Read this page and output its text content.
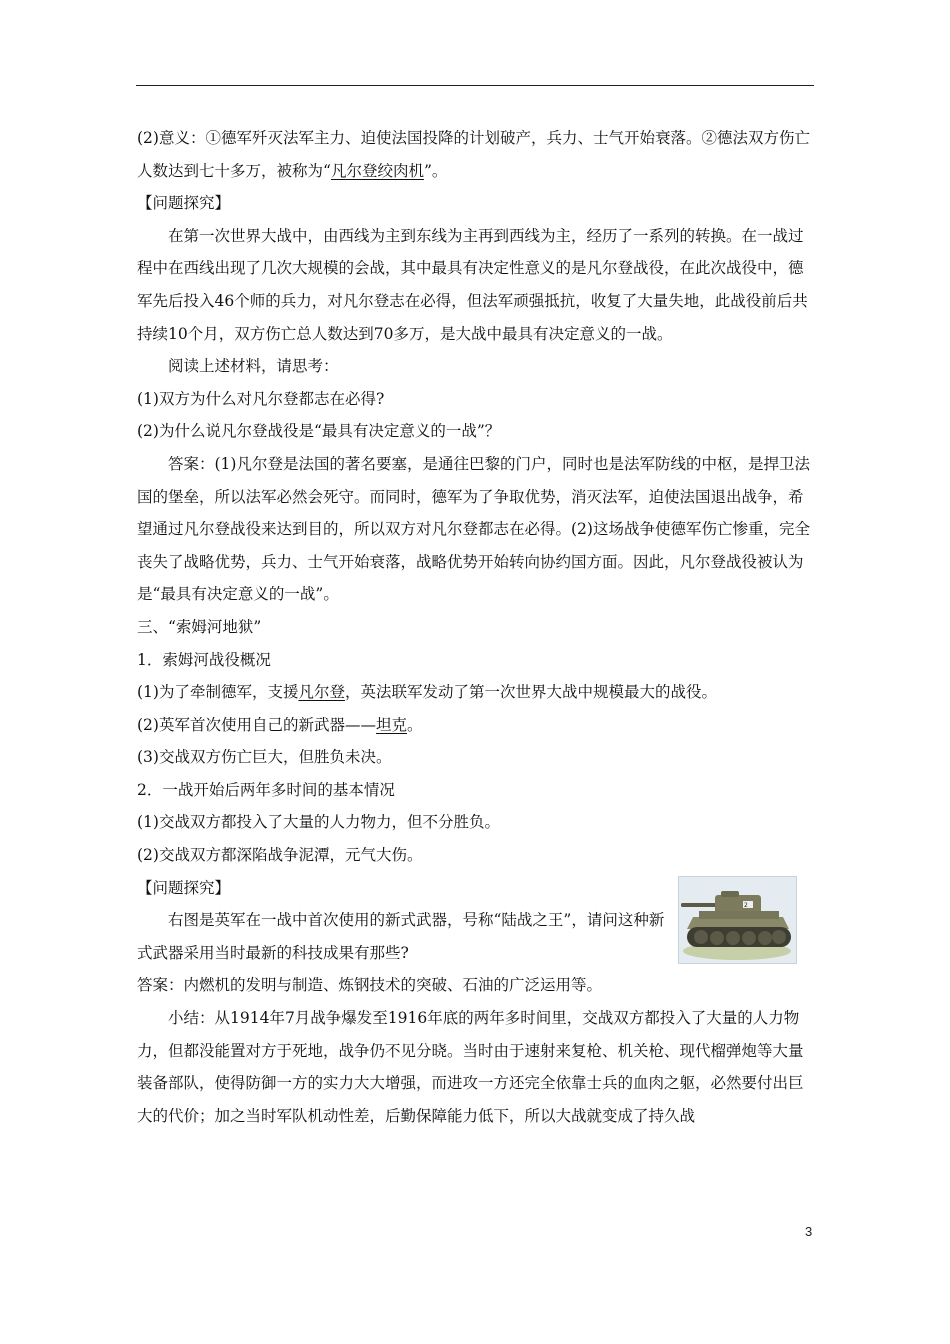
(2)意义：①德军歼灭法军主力、迫使法国投降的计划破产，兵力、士气开始衰落。②德法双方伤亡人数达到七十多万，被称为“凡尔登绞肉机”。

【问题探究】

在第一次世界大战中，由西线为主到东线为主再到西线为主，经历了一系列的转换。在一战过程中在西线出现了几次大规模的会战，其中最具有决定性意义的是凡尔登战役，在此次战役中，德军先后投入46个师的兵力，对凡尔登志在必得，但法军顽强抵抗，收复了大量失地，此战役前后共持续10个月，双方伤亡总人数达到70多万，是大战中最具有决定意义的一战。

阅读上述材料，请思考：

(1)双方为什么对凡尔登都志在必得?

(2)为什么说凡尔登战役是“最具有决定意义的一战”？

答案：(1)凡尔登是法国的著名要塞，是通往巴黎的门户，同时也是法军防线的中枢，是捍卫法国的堡垒，所以法军必然会死守。而同时，德军为了争取优势，消灭法军，迫使法国退出战争，希望通过凡尔登战役来达到目的，所以双方对凡尔登都志在必得。(2)这场战争使德军伤亡惨重，完全丧失了战略优势，兵力、士气开始衰落，战略优势开始转向协约国方面。因此，凡尔登战役被认为是“最具有决定意义的一战”。

三、“索姆河地狱”

1．索姆河战役概况

(1)为了牵制德军，支援凡尔登，英法联军发动了第一次世界大战中规模最大的战役。

(2)英军首次使用自己的新武器——坦克。

(3)交战双方伤亡巨大，但胜负未决。

2．一战开始后两年多时间的基本情况

(1)交战双方都投入了大量的人力物力，但不分胜负。

(2)交战双方都深陷战争泥潭，元气大伤。

2

【问题探究】

右图是英军在一战中首次使用的新式武器，号称“陆战之王”，请问这种新式武器采用当时最新的科技成果有那些?

答案：内燃机的发明与制造、炼钢技术的突破、石油的广泛运用等。

小结：从1914年7月战争爆发至1916年底的两年多时间里，交战双方都投入了大量的人力物力，但都没能置对方于死地，战争仍不见分晓。当时由于速射来复枪、机关枪、现代榴弹炮等大量装备部队，使得防御一方的实力大大增强，而进攻一方还完全依靠士兵的血肉之躯，必然要付出巨大的代价；加之当时军队机动性差，后勤保障能力低下，所以大战就变成了持久战

3
